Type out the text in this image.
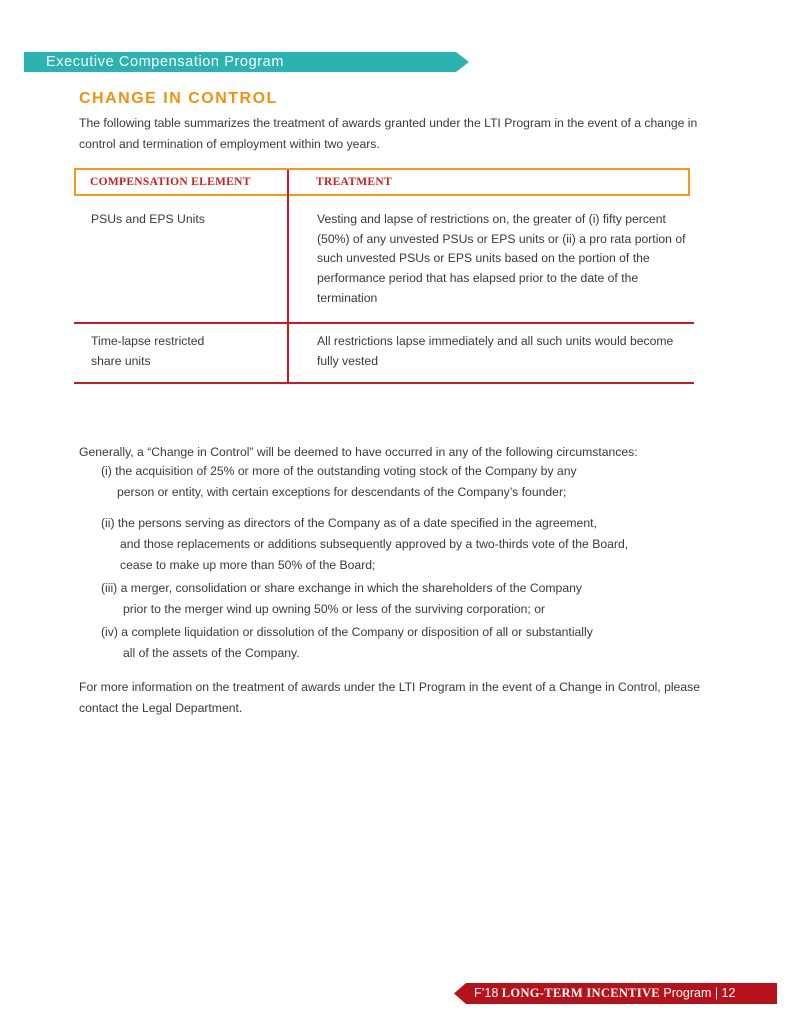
Executive Compensation Program
CHANGE IN CONTROL
The following table summarizes the treatment of awards granted under the LTI Program in the event of a change in control and termination of employment within two years.
COMPENSATION ELEMENT	TREATMENT
PSUs and EPS Units	Vesting and lapse of restrictions on, the greater of (i) fifty percent (50%) of any unvested PSUs or EPS units or (ii) a pro rata portion of such unvested PSUs or EPS units based on the portion of the performance period that has elapsed prior to the date of the termination
Time-lapse restricted share units
All restrictions lapse immediately and all such units would become fully vested
Generally, a “Change in Control” will be deemed to have occurred in any of the following circumstances:
(i) the acquisition of 25% or more of the outstanding voting stock of the Company by any
person or entity, with certain exceptions for descendants of the Company’s founder;
(ii) the persons serving as directors of the Company as of a date specified in the agreement,
and those replacements or additions subsequently approved by a two-thirds vote of the Board, cease to make up more than 50% of the Board;
(iii) a merger, consolidation or share exchange in which the shareholders of the Company
prior to the merger wind up owning 50% or less of the surviving corporation; or
(iv) a complete liquidation or dissolution of the Company or disposition of all or substantially
all of the assets of the Company.
For more information on the treatment of awards under the LTI Program in the event of a Change in Control, please contact the Legal Department.
F’18 LONG-TERM INCENTIVE Program | 12
